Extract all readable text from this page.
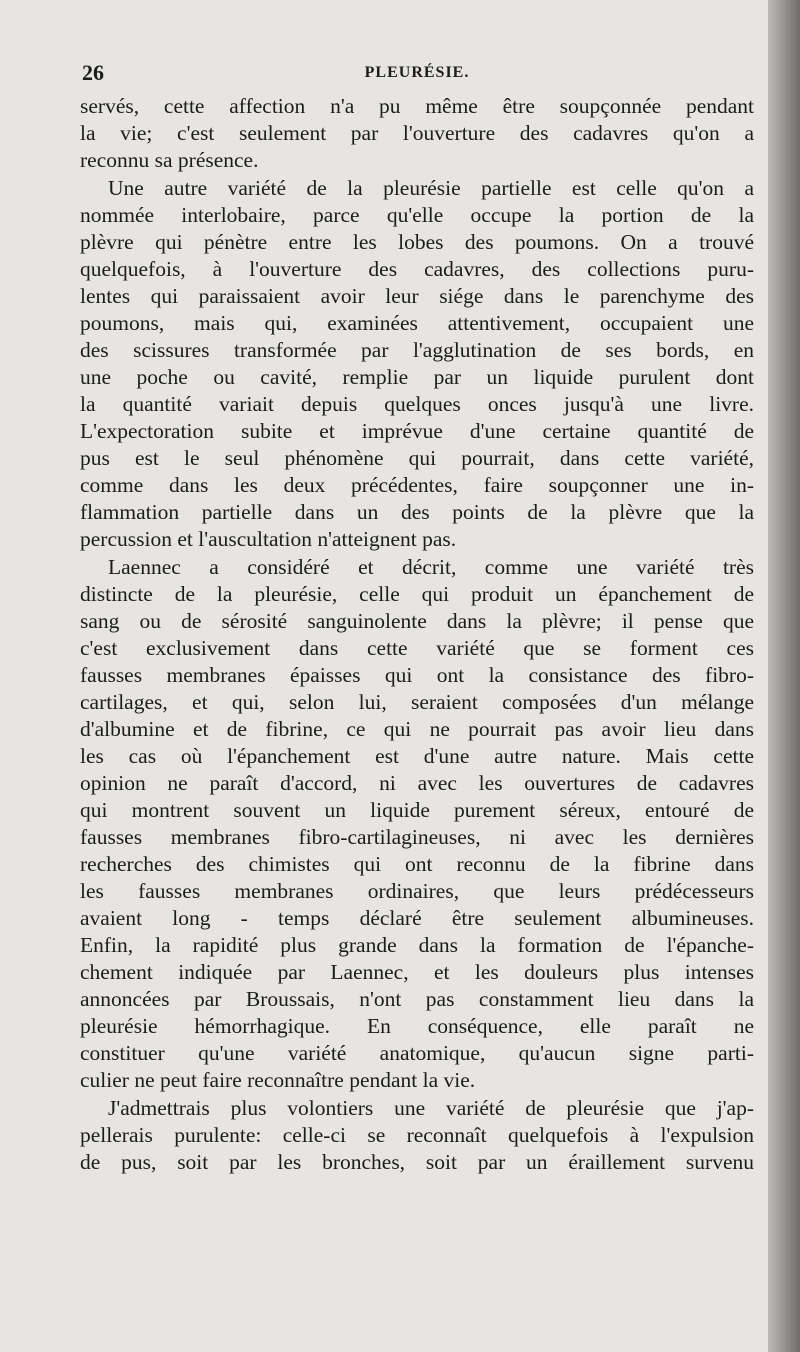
26	PLEURÉSIE.
servés, cette affection n'a pu même être soupçonnée pendant
la vie; c'est seulement par l'ouverture des cadavres qu'on a
reconnu sa présence.
Une autre variété de la pleurésie partielle est celle qu'on a
nommée interlobaire, parce qu'elle occupe la portion de la
plèvre qui pénètre entre les lobes des poumons. On a trouvé
quelquefois, à l'ouverture des cadavres, des collections puru-
lentes qui paraissaient avoir leur siége dans le parenchyme des
poumons, mais qui, examinées attentivement, occupaient une
des scissures transformée par l'agglutination de ses bords, en
une poche ou cavité, remplie par un liquide purulent dont
la quantité variait depuis quelques onces jusqu'à une livre.
L'expectoration subite et imprévue d'une certaine quantité de
pus est le seul phénomène qui pourrait, dans cette variété,
comme dans les deux précédentes, faire soupçonner une in-
flammation partielle dans un des points de la plèvre que la
percussion et l'auscultation n'atteignent pas.
Laennec a considéré et décrit, comme une variété très
distincte de la pleurésie, celle qui produit un épanchement de
sang ou de sérosité sanguinolente dans la plèvre; il pense que
c'est exclusivement dans cette variété que se forment ces
fausses membranes épaisses qui ont la consistance des fibro-
cartilages, et qui, selon lui, seraient composées d'un mélange
d'albumine et de fibrine, ce qui ne pourrait pas avoir lieu dans
les cas où l'épanchement est d'une autre nature. Mais cette
opinion ne paraît d'accord, ni avec les ouvertures de cadavres
qui montrent souvent un liquide purement séreux, entouré de
fausses membranes fibro-cartilagineuses, ni avec les dernières
recherches des chimistes qui ont reconnu de la fibrine dans
les fausses membranes ordinaires, que leurs prédécesseurs
avaient long - temps déclaré être seulement albumineuses.
Enfin, la rapidité plus grande dans la formation de l'épanche-
chement indiquée par Laennec, et les douleurs plus intenses
annoncées par Broussais, n'ont pas constamment lieu dans la
pleurésie hémorrhagique. En conséquence, elle paraît ne
constituer qu'une variété anatomique, qu'aucun signe parti-
culier ne peut faire reconnaître pendant la vie.
J'admettrais plus volontiers une variété de pleurésie que j'ap-
pellerais purulente: celle-ci se reconnaît quelquefois à l'expulsion
de pus, soit par les bronches, soit par un éraillement survenu
